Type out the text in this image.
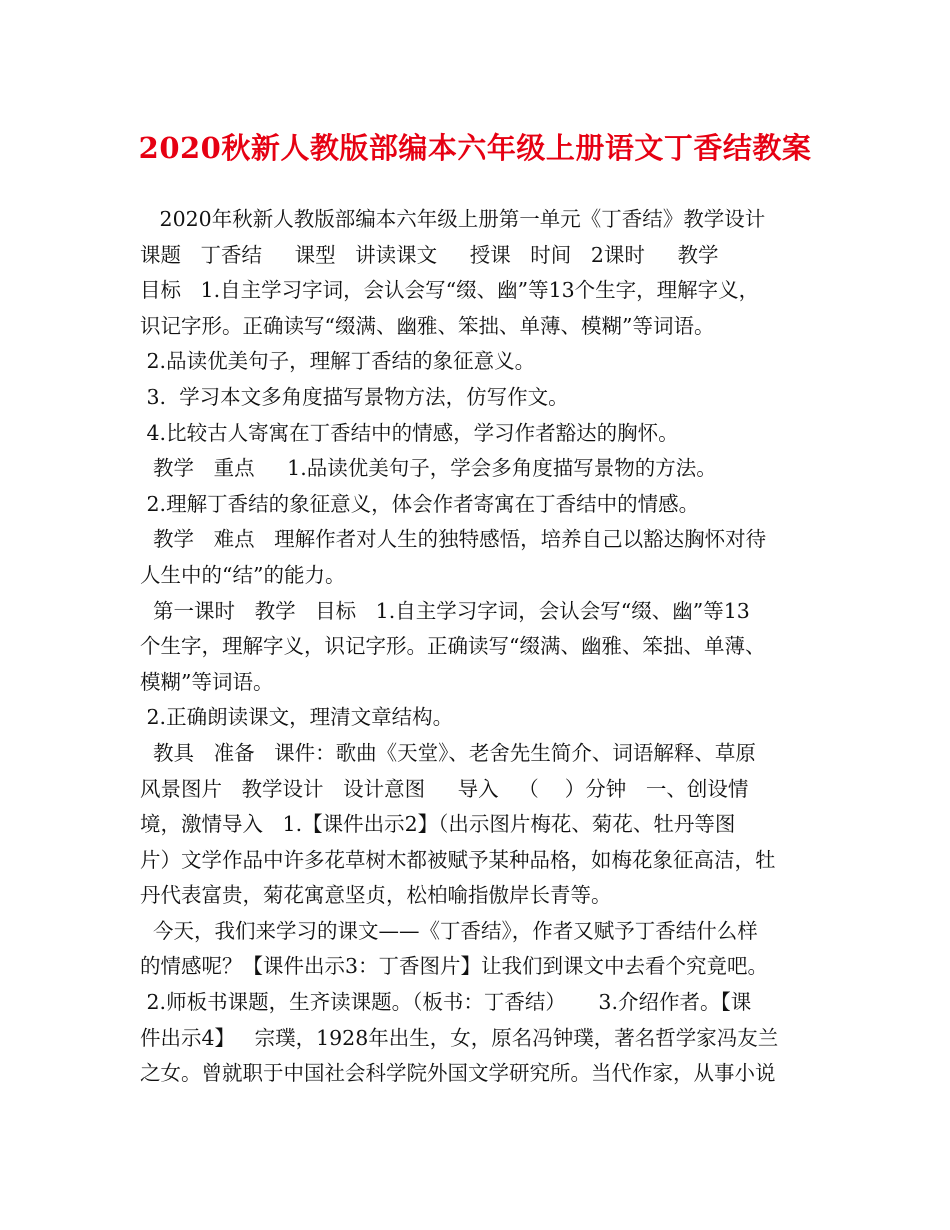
2020秋新人教版部编本六年级上册语文丁香结教案
2020年秋新人教版部编本六年级上册第一单元《丁香结》教学设计
课题   丁香结     课型   讲读课文     授课   时间   2课时     教学
目标   1.自主学习字词，会认会写“缀、幽”等13个生字，理解字义，
识记字形。正确读写“缀满、幽雅、笨拙、单薄、模糊”等词语。
2.品读优美句子，理解丁香结的象征意义。
3.  学习本文多角度描写景物方法，仿写作文。
4.比较古人寄寓在丁香结中的情感，学习作者豁达的胸怀。
教学   重点     1.品读优美句子，学会多角度描写景物的方法。
2.理解丁香结的象征意义，体会作者寄寓在丁香结中的情感。
教学   难点   理解作者对人生的独特感悟，培养自己以豁达胸怀对待
人生中的“结”的能力。
第一课时   教学   目标   1.自主学习字词，会认会写“缀、幽”等13
个生字，理解字义，识记字形。正确读写“缀满、幽雅、笨拙、单薄、
模糊”等词语。
2.正确朗读课文，理清文章结构。
教具   准备   课件：歌曲《天堂》、老舍先生简介、词语解释、草原
风景图片   教学设计   设计意图     导入   （    ）分钟   一、创设情
境，激情导入   1.【课件出示2】（出示图片梅花、菊花、牡丹等图
片）文学作品中许多花草树木都被赋予某种品格，如梅花象征高洁，牡
丹代表富贵，菊花寓意坚贞，松柏喻指傲岸长青等。
今天，我们来学习的课文——《丁香结》，作者又赋予丁香结什么样
的情感呢？【课件出示3：丁香图片】让我们到课文中去看个究竟吧。
2.师板书课题，生齐读课题。（板书：丁香结）     3.介绍作者。【课
件出示4】   宗璞，1928年出生，女，原名冯钟璞，著名哲学家冯友兰
之女。曾就职于中国社会科学院外国文学研究所。当代作家，从事小说
